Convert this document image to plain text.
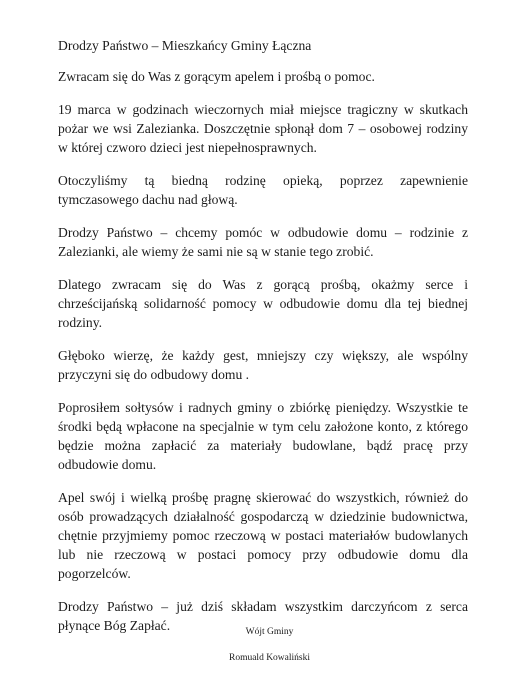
Drodzy Państwo – Mieszkańcy Gminy Łączna

Zwracam się do Was z gorącym apelem i prośbą o pomoc.

19 marca w godzinach wieczornych miał miejsce tragiczny w skutkach pożar we wsi Zalezianka. Doszczętnie spłonął dom 7 – osobowej rodziny w której czworo dzieci jest niepełnosprawnych.

Otoczyliśmy tą biedną rodzinę opieką, poprzez zapewnienie tymczasowego dachu nad głową.

Drodzy Państwo – chcemy pomóc w odbudowie domu – rodzinie z Zalezianki, ale wiemy że sami nie są w stanie tego zrobić.

Dlatego zwracam się do Was z gorącą prośbą, okażmy serce i chrześcijańską solidarność pomocy w odbudowie domu dla tej biednej rodziny.

Głęboko wierzę, że każdy gest, mniejszy czy większy, ale wspólny przyczyni się do odbudowy domu .

Poprosiłem sołtysów i radnych gminy o zbiórkę pieniędzy. Wszystkie te środki będą wpłacone na specjalnie w tym celu założone konto, z którego będzie można zapłacić za materiały budowlane, bądź pracę przy odbudowie domu.

Apel swój i wielką prośbę pragnę skierować do wszystkich, również do osób prowadzących działalność gospodarczą w dziedzinie budownictwa, chętnie przyjmiemy pomoc rzeczową w postaci materiałów budowlanych lub nie rzeczową w postaci pomocy przy odbudowie domu dla pogorzelców.

Drodzy Państwo – już dziś składam wszystkim darczyńcom z serca płynące Bóg Zapłać.	Wójt Gminy
Romuald Kowaliński
